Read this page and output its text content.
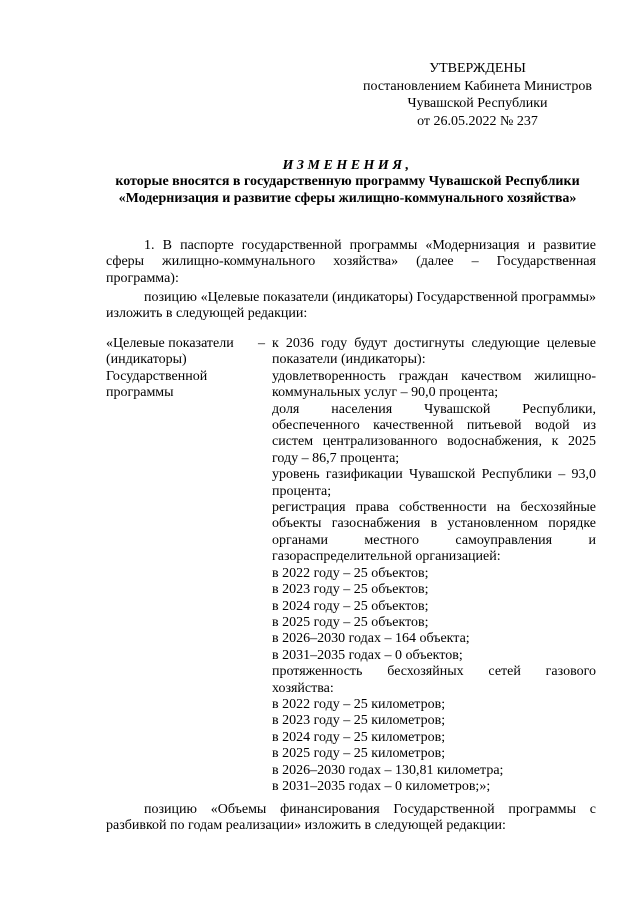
УТВЕРЖДЕНЫ
постановлением Кабинета Министров
Чувашской Республики
от 26.05.2022 № 237
ИЗМЕНЕНИЯ,
которые вносятся в государственную программу Чувашской Республики
«Модернизация и развитие сферы жилищно-коммунального хозяйства»
1. В паспорте государственной программы «Модернизация и развитие сферы жилищно-коммунального хозяйства» (далее – Государственная программа):
позицию «Целевые показатели (индикаторы) Государственной программы» изложить в следующей редакции:
«Целевые показатели (индикаторы) Государственной программы
– к 2036 году будут достигнуты следующие целевые показатели (индикаторы):
удовлетворенность граждан качеством жилищно-коммунальных услуг – 90,0 процента;
доля населения Чувашской Республики, обеспеченного качественной питьевой водой из систем централизованного водоснабжения, к 2025 году – 86,7 процента;
уровень газификации Чувашской Республики – 93,0 процента;
регистрация права собственности на бесхозяйные объекты газоснабжения в установленном порядке органами местного самоуправления и газораспределительной организацией:
в 2022 году – 25 объектов;
в 2023 году – 25 объектов;
в 2024 году – 25 объектов;
в 2025 году – 25 объектов;
в 2026–2030 годах – 164 объекта;
в 2031–2035 годах – 0 объектов;
протяженность бесхозяйных сетей газового хозяйства:
в 2022 году – 25 километров;
в 2023 году – 25 километров;
в 2024 году – 25 километров;
в 2025 году – 25 километров;
в 2026–2030 годах – 130,81 километра;
в 2031–2035 годах – 0 километров;»;
позицию «Объемы финансирования Государственной программы с разбивкой по годам реализации» изложить в следующей редакции:
